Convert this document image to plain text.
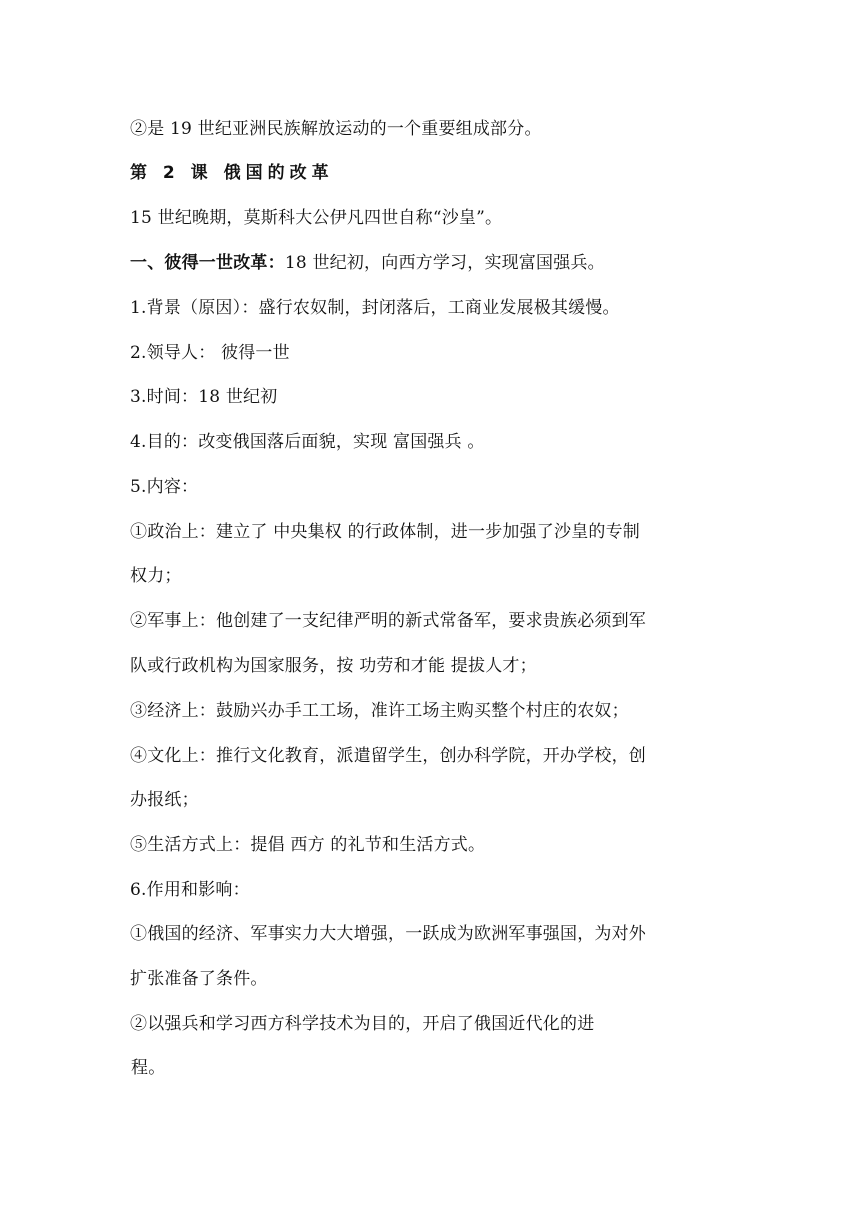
②是 19 世纪亚洲民族解放运动的一个重要组成部分。
第 2 课 俄国的改革
15 世纪晚期，莫斯科大公伊凡四世自称“沙皇”。
一、彼得一世改革：18 世纪初，向西方学习，实现富国强兵。
1.背景（原因）：盛行农奴制，封闭落后，工商业发展极其缓慢。
2.领导人： 彼得一世
3.时间：18 世纪初
4.目的：改变俄国落后面貌，实现 富国强兵 。
5.内容：
①政治上：建立了 中央集权 的行政体制，进一步加强了沙皇的专制
权力；
②军事上：他创建了一支纪律严明的新式常备军，要求贵族必须到军
队或行政机构为国家服务，按 功劳和才能 提拔人才；
③经济上：鼓励兴办手工工场，准许工场主购买整个村庄的农奴；
④文化上：推行文化教育，派遣留学生，创办科学院，开办学校，创
办报纸；
⑤生活方式上：提倡 西方 的礼节和生活方式。
6.作用和影响：
①俄国的经济、军事实力大大增强，一跃成为欧洲军事强国，为对外
扩张准备了条件。
②以强兵和学习西方科学技术为目的，开启了俄国近代化的进
程。
